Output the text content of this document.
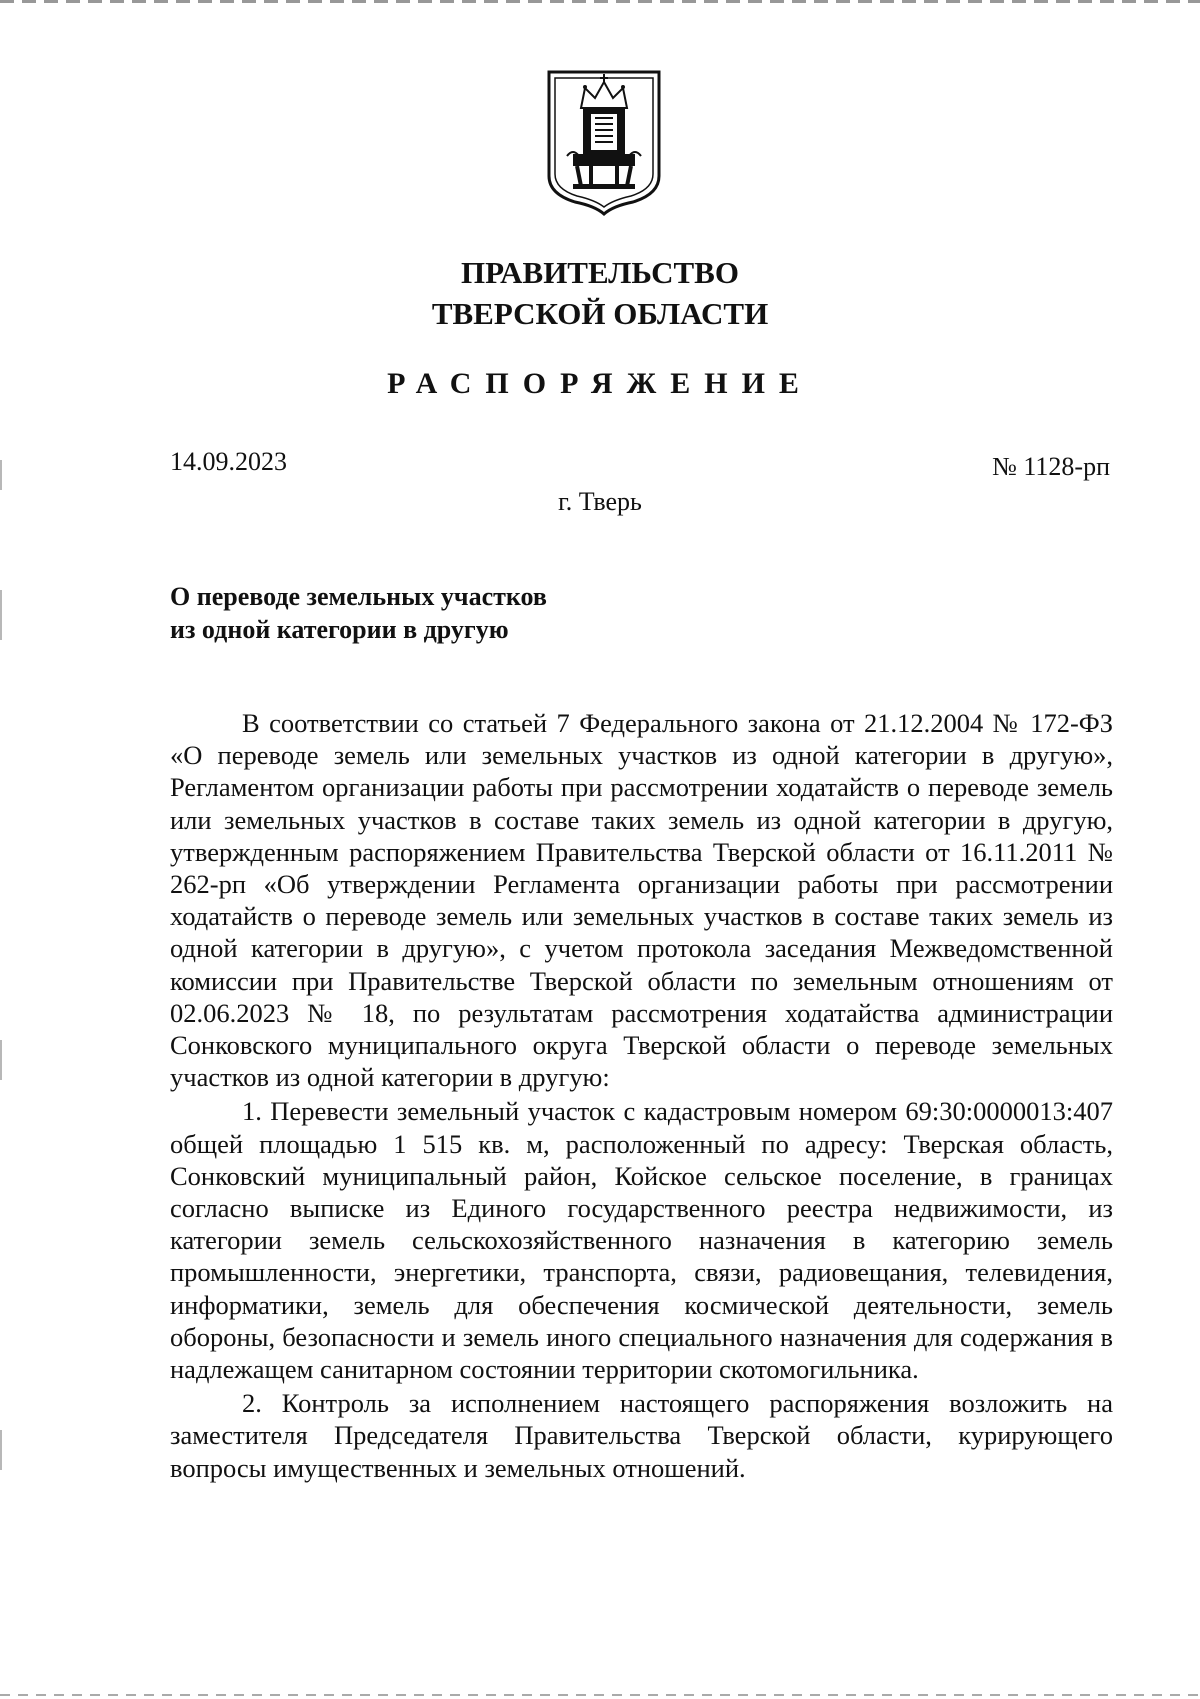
ПРАВИТЕЛЬСТВО
ТВЕРСКОЙ ОБЛАСТИ
РАСПОРЯЖЕНИЕ
14.09.2023	№ 1128-рп
г. Тверь
О переводе земельных участков
из одной категории в другую

В соответствии со статьей 7 Федерального закона от 21.12.2004 № 172-ФЗ «О переводе земель или земельных участков из одной категории в другую», Регламентом организации работы при рассмотрении ходатайств о переводе земель или земельных участков в составе таких земель из одной категории в другую, утвержденным распоряжением Правительства Тверской области от 16.11.2011 № 262-рп «Об утверждении Регламента организации работы при рассмотрении ходатайств о переводе земель или земельных участков в составе таких земель из одной категории в другую», с учетом протокола заседания Межведомственной комиссии при Правительстве Тверской области по земельным отношениям от 02.06.2023 № 18, по результатам рассмотрения ходатайства администрации Сонковского муниципального округа Тверской области о переводе земельных участков из одной категории в другую:

1. Перевести земельный участок с кадастровым номером 69:30:0000013:407 общей площадью 1 515 кв. м, расположенный по адресу: Тверская область, Сонковский муниципальный район, Койское сельское поселение, в границах согласно выписке из Единого государственного реестра недвижимости, из категории земель сельскохозяйственного назначения в категорию земель промышленности, энергетики, транспорта, связи, радиовещания, телевидения, информатики, земель для обеспечения космической деятельности, земель обороны, безопасности и земель иного специального назначения для содержания в надлежащем санитарном состоянии территории скотомогильника.

2. Контроль за исполнением настоящего распоряжения возложить на заместителя Председателя Правительства Тверской области, курирующего вопросы имущественных и земельных отношений.
